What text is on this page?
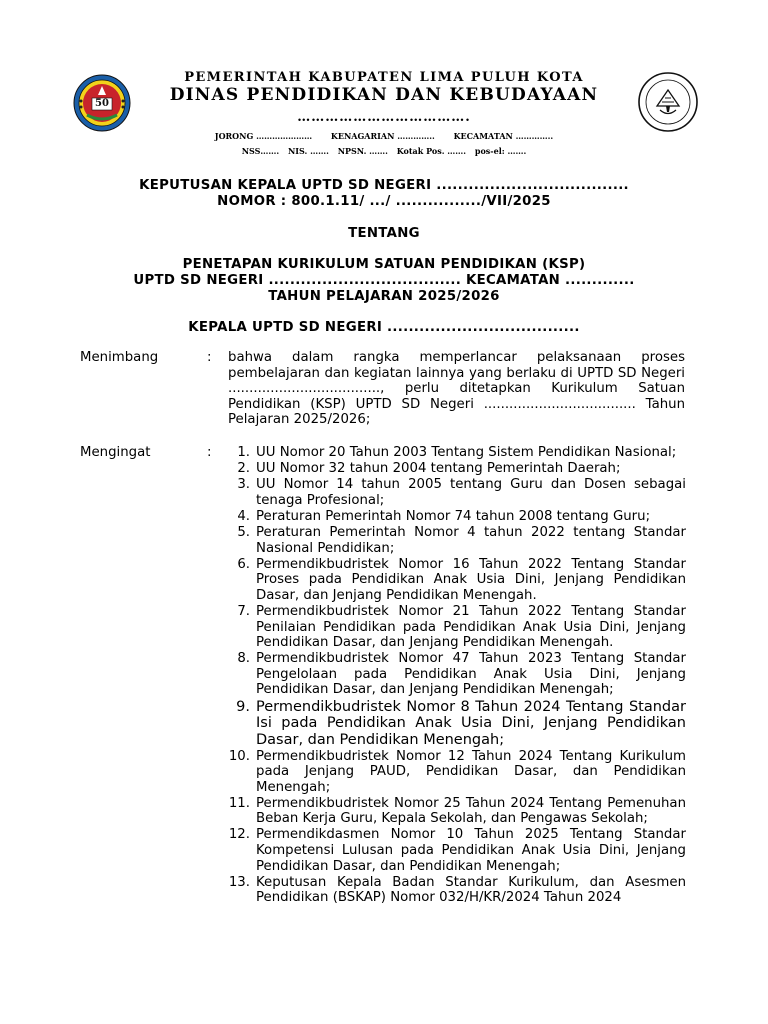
50
PEMERINTAH KABUPATEN LIMA PULUH KOTA
DINAS PENDIDIKAN DAN KEBUDAYAAN
……………………………….
JORONG ………………… KENAGARIAN ………….. KECAMATAN …………..
NSS……. NIS. ……. NPSN. ……. Kotak Pos. ……. pos-el: …….
KEPUTUSAN KEPALA UPTD SD NEGERI ....................................
NOMOR : 800.1.11/ .../ ................/VII/2025
TENTANG
PENETAPAN KURIKULUM SATUAN PENDIDIKAN (KSP)
UPTD SD NEGERI .................................... KECAMATAN .............
TAHUN PELAJARAN 2025/2026
KEPALA UPTD SD NEGERI ....................................
Menimbang	: bahwa dalam rangka memperlancar pelaksanaan proses pembelajaran dan kegiatan lainnya yang berlaku di UPTD SD Negeri ...................................., perlu ditetapkan Kurikulum Satuan Pendidikan (KSP) UPTD SD Negeri .................................... Tahun Pelajaran 2025/2026;
Mengingat	:	1. UU Nomor 20 Tahun 2003 Tentang Sistem Pendidikan Nasional;
2. UU Nomor 32 tahun 2004 tentang Pemerintah Daerah;
3. UU Nomor 14 tahun 2005 tentang Guru dan Dosen sebagai tenaga Profesional;
4. Peraturan Pemerintah Nomor 74 tahun 2008 tentang Guru;
5. Peraturan Pemerintah Nomor 4 tahun 2022 tentang Standar Nasional Pendidikan;
6. Permendikbudristek Nomor 16 Tahun 2022 Tentang Standar Proses pada Pendidikan Anak Usia Dini, Jenjang Pendidikan Dasar, dan Jenjang Pendidikan Menengah.
7. Permendikbudristek Nomor 21 Tahun 2022 Tentang Standar Penilaian Pendidikan pada Pendidikan Anak Usia Dini, Jenjang Pendidikan Dasar, dan Jenjang Pendidikan Menengah.
8. Permendikbudristek Nomor 47 Tahun 2023 Tentang Standar Pengelolaan pada Pendidikan Anak Usia Dini, Jenjang Pendidikan Dasar, dan Jenjang Pendidikan Menengah;
9. Permendikbudristek Nomor 8 Tahun 2024 Tentang Standar Isi pada Pendidikan Anak Usia Dini, Jenjang Pendidikan Dasar, dan Pendidikan Menengah;
10. Permendikbudristek Nomor 12 Tahun 2024 Tentang Kurikulum pada Jenjang PAUD, Pendidikan Dasar, dan Pendidikan Menengah;
11. Permendikbudristek Nomor 25 Tahun 2024 Tentang Pemenuhan Beban Kerja Guru, Kepala Sekolah, dan Pengawas Sekolah;
12. Permendikdasmen Nomor 10 Tahun 2025 Tentang Standar Kompetensi Lulusan pada Pendidikan Anak Usia Dini, Jenjang Pendidikan Dasar, dan Pendidikan Menengah;
13. Keputusan Kepala Badan Standar Kurikulum, dan Asesmen Pendidikan (BSKAP) Nomor 032/H/KR/2024 Tahun 2024
